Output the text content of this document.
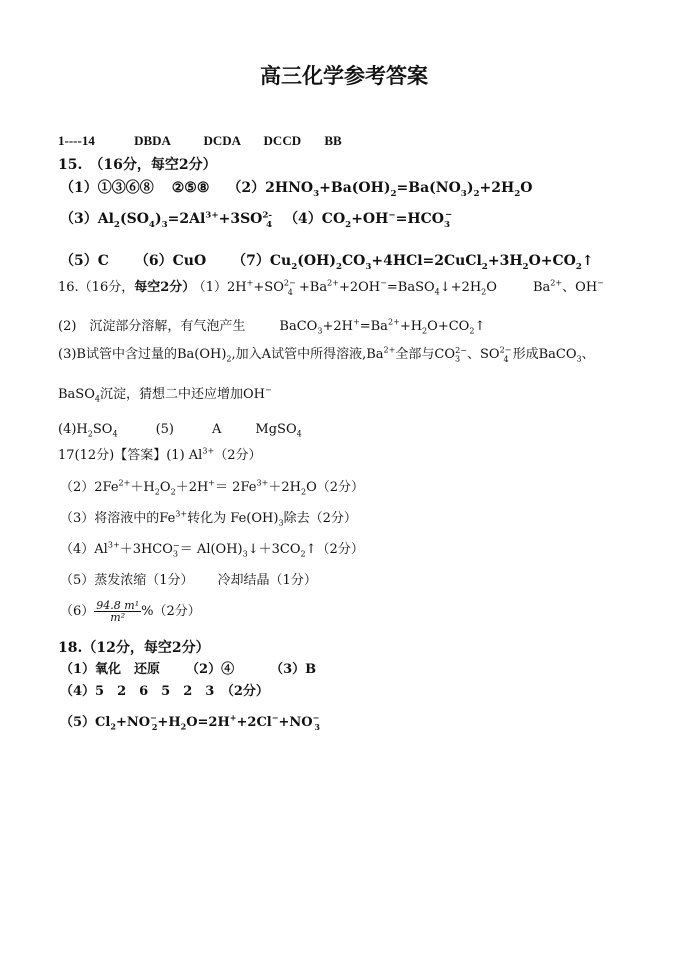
高三化学参考答案
1----14	DBDA	DCDA DCCD BB
15.　（16分，每空2分）
（1）①③⑥⑧ ②⑤⑧ $(2)2HNO_3+Ba(OH)_2=Ba(NO_3)_2+2H_2O$
$(3)Al_2(SO_4)_3=2Al^{3+}+3SO^{2-}_4$ $(4)CO_2+OH^-=HCO_3^-$
（5）C （6）CuO $(7)Cu_2(OH)_2CO_3+4HCl=2CuCl_2+3H_2O+CO_2↑$
16.（16分，每空2分） $(1)2H^++SO^{2-}_4$ $+Ba^{2+}+2OH^-=BaSO_4↓+2H_2O$	$Ba^{2+}$、OH−
(2)　沉淀部分溶解，有气泡产生	$BaCO_3+2H^+=Ba^{2+}+H_2O+CO_2↑$
(3)B试管中含过量的$Ba(OH)_2$,加入A试管中所得溶液$,Ba^{2+}$全部与$CO_3^{2-}$、$SO^{2-}_4$ 形成BaCO$_3$、
BaSO$_4$沉淀，猜想二中还应增加OH−
$(4)H_2SO_4$	(5)	A	MgSO$_4$
17(12分)【答案】(1) $Al^{3+}(2$分）
$(2)2Fe^{2+}+H_2O_2+2H^+= 2Fe^{3+}+2H_2O(2$分）
（3）将溶液中的$Fe^{3+}$转化为 $Fe(OH)_3$除去（2分）
$(4)Al^{3+}+3HCO_3^-=$ $Al(OH)_3↓+3CO_2↑(2$分）
（5）蒸发浓缩（1分） 冷却结晶（1分）
$(6) \frac{\text{94.8 m¹}}{\text{m²}} \%(2$分）
18.（12分，每空2分）
（1）氧化　还原 （2）④	（3）B
（4）5　2　6　5　2　3　（2分）
$(5)Cl_2+NO^-_2+H_2O=2H^++2Cl^-+NO^-_3$
